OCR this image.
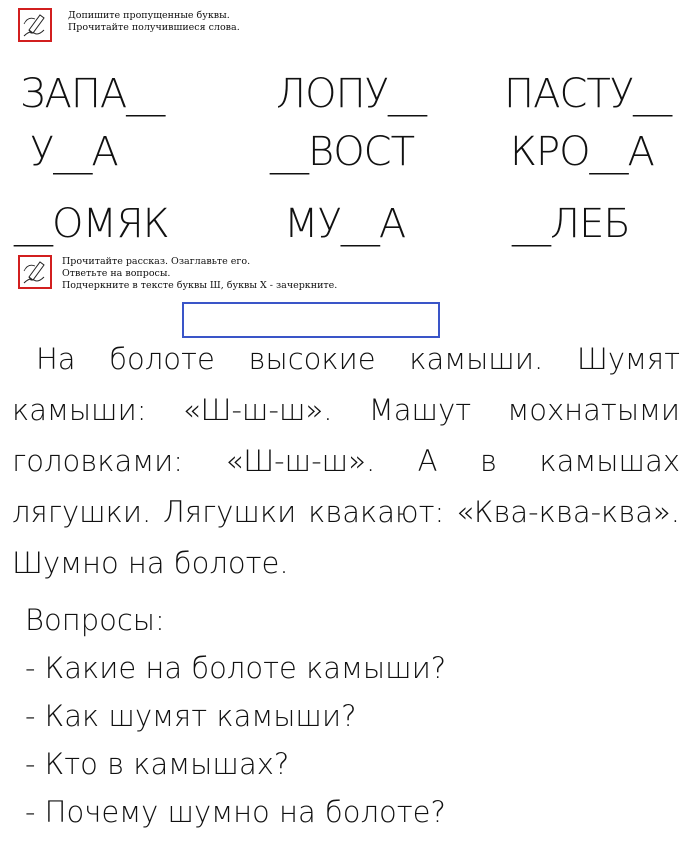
Допишите пропущенные буквы.
Прочитайте получившиеся слова.
ЗАПА__	ЛОПУ__ ПАСТУ__
У__А	__ВОСТ КРО__А
__ОМЯК	МУ__А	__ЛЕБ
Прочитайте рассказ. Озаглавьте его.
Ответьте на вопросы.
Подчеркните в тексте буквы Ш, буквы Х - зачеркните.
На болоте высокие камыши. Шумят камыши: «Ш-ш-ш». Машут мохнатыми головками: «Ш-ш-ш». А в камышах лягушки. Лягушки квакают: «Ква-ква-ква». Шумно на болоте.
Вопросы:
- Какие на болоте камыши?
- Как шумят камыши?
- Кто в камышах?
- Почему шумно на болоте?
